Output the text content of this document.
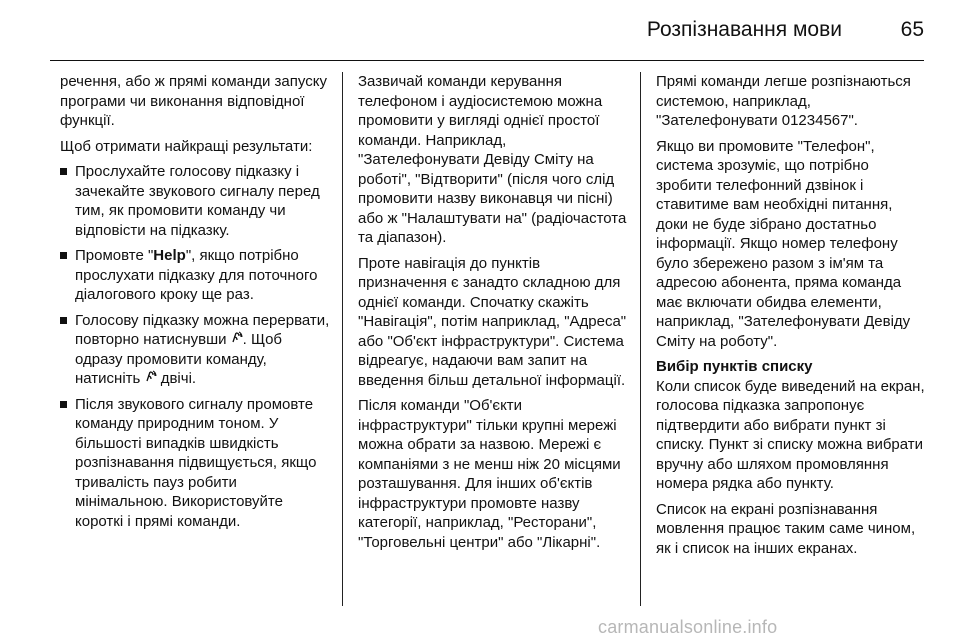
Розпізнавання мови	65

речення, або ж прямі команди запуску програми чи виконання відповідної функції.

Щоб отримати найкращі результати:

Прослухайте голосову підказку і зачекайте звукового сигналу перед тим, як промовити команду чи відповісти на підказку.
Промовте "Help", якщо потрібно прослухати підказку для поточного діалогового кроку ще раз.
Голосову підказку можна перервати, повторно натиснувши . Щоб одразу промовити команду, натисніть двічі.
Після звукового сигналу промовте команду природним тоном. У більшості випадків швидкість розпізнавання підвищується, якщо тривалість пауз робити мінімальною. Використовуйте короткі і прямі команди.

Зазвичай команди керування телефоном і аудіосистемою можна промовити у вигляді однієї простої команди. Наприклад, "Зателефонувати Девіду Сміту на роботі", "Відтворити" (після чого слід промовити назву виконавця чи пісні) або ж "Налаштувати на" (радіочастота та діапазон).

Проте навігація до пунктів призначення є занадто складною для однієї команди. Спочатку скажіть "Навігація", потім наприклад, "Адреса" або "Об'єкт інфраструктури". Система відреагує, надаючи вам запит на введення більш детальної інформації.

Після команди "Об'єкти інфраструктури" тільки крупні мережі можна обрати за назвою. Мережі є компаніями з не менш ніж 20 місцями розташування. Для інших об'єктів інфраструктури промовте назву категорії, наприклад, "Ресторани", "Торговельні центри" або "Лікарні".

Прямі команди легше розпізнаються системою, наприклад, "Зателефонувати 01234567".

Якщо ви промовите "Телефон", система зрозуміє, що потрібно зробити телефонний дзвінок і ставитиме вам необхідні питання, доки не буде зібрано достатньо інформації. Якщо номер телефону було збережено разом з ім'ям та адресою абонента, пряма команда має включати обидва елементи, наприклад, "Зателефонувати Девіду Сміту на роботу".

Вибір пунктів списку

Коли список буде виведений на екран, голосова підказка запропонує підтвердити або вибрати пункт зі списку. Пункт зі списку можна вибрати вручну або шляхом промовляння номера рядка або пункту.

Список на екрані розпізнавання мовлення працює таким саме чином, як і список на інших екранах.

carmanualsonline.info
